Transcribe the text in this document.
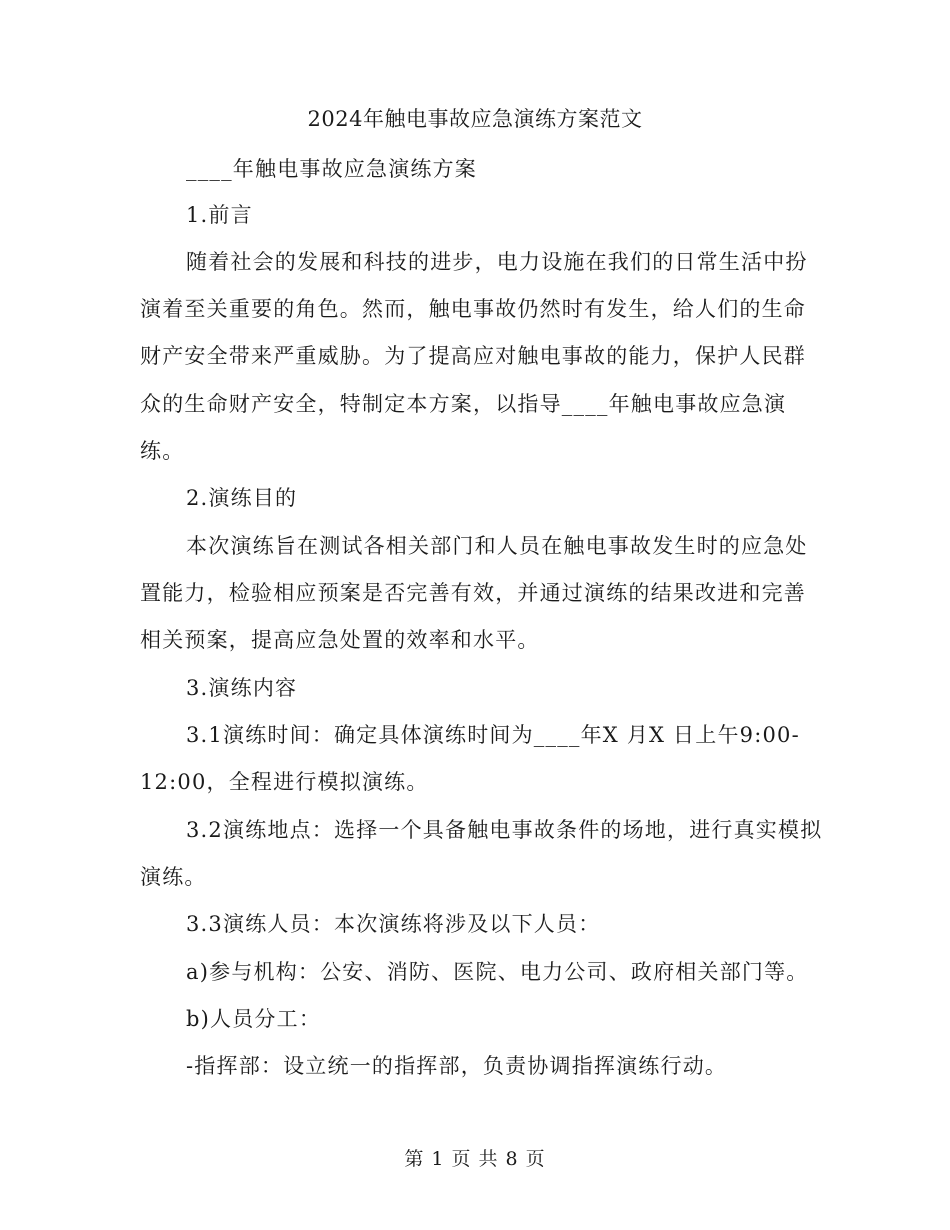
2024年触电事故应急演练方案范文
____年触电事故应急演练方案
1.前言
随着社会的发展和科技的进步，电力设施在我们的日常生活中扮
演着至关重要的角色。然而，触电事故仍然时有发生，给人们的生命
财产安全带来严重威胁。为了提高应对触电事故的能力，保护人民群
众的生命财产安全，特制定本方案，以指导____年触电事故应急演
练。
2.演练目的
本次演练旨在测试各相关部门和人员在触电事故发生时的应急处
置能力，检验相应预案是否完善有效，并通过演练的结果改进和完善
相关预案，提高应急处置的效率和水平。
3.演练内容
3.1演练时间：确定具体演练时间为____年X 月X 日上午9:00-
12:00，全程进行模拟演练。
3.2演练地点：选择一个具备触电事故条件的场地，进行真实模拟
演练。
3.3演练人员：本次演练将涉及以下人员：
a)参与机构：公安、消防、医院、电力公司、政府相关部门等。
b)人员分工：
-指挥部：设立统一的指挥部，负责协调指挥演练行动。
第 1 页 共 8 页
